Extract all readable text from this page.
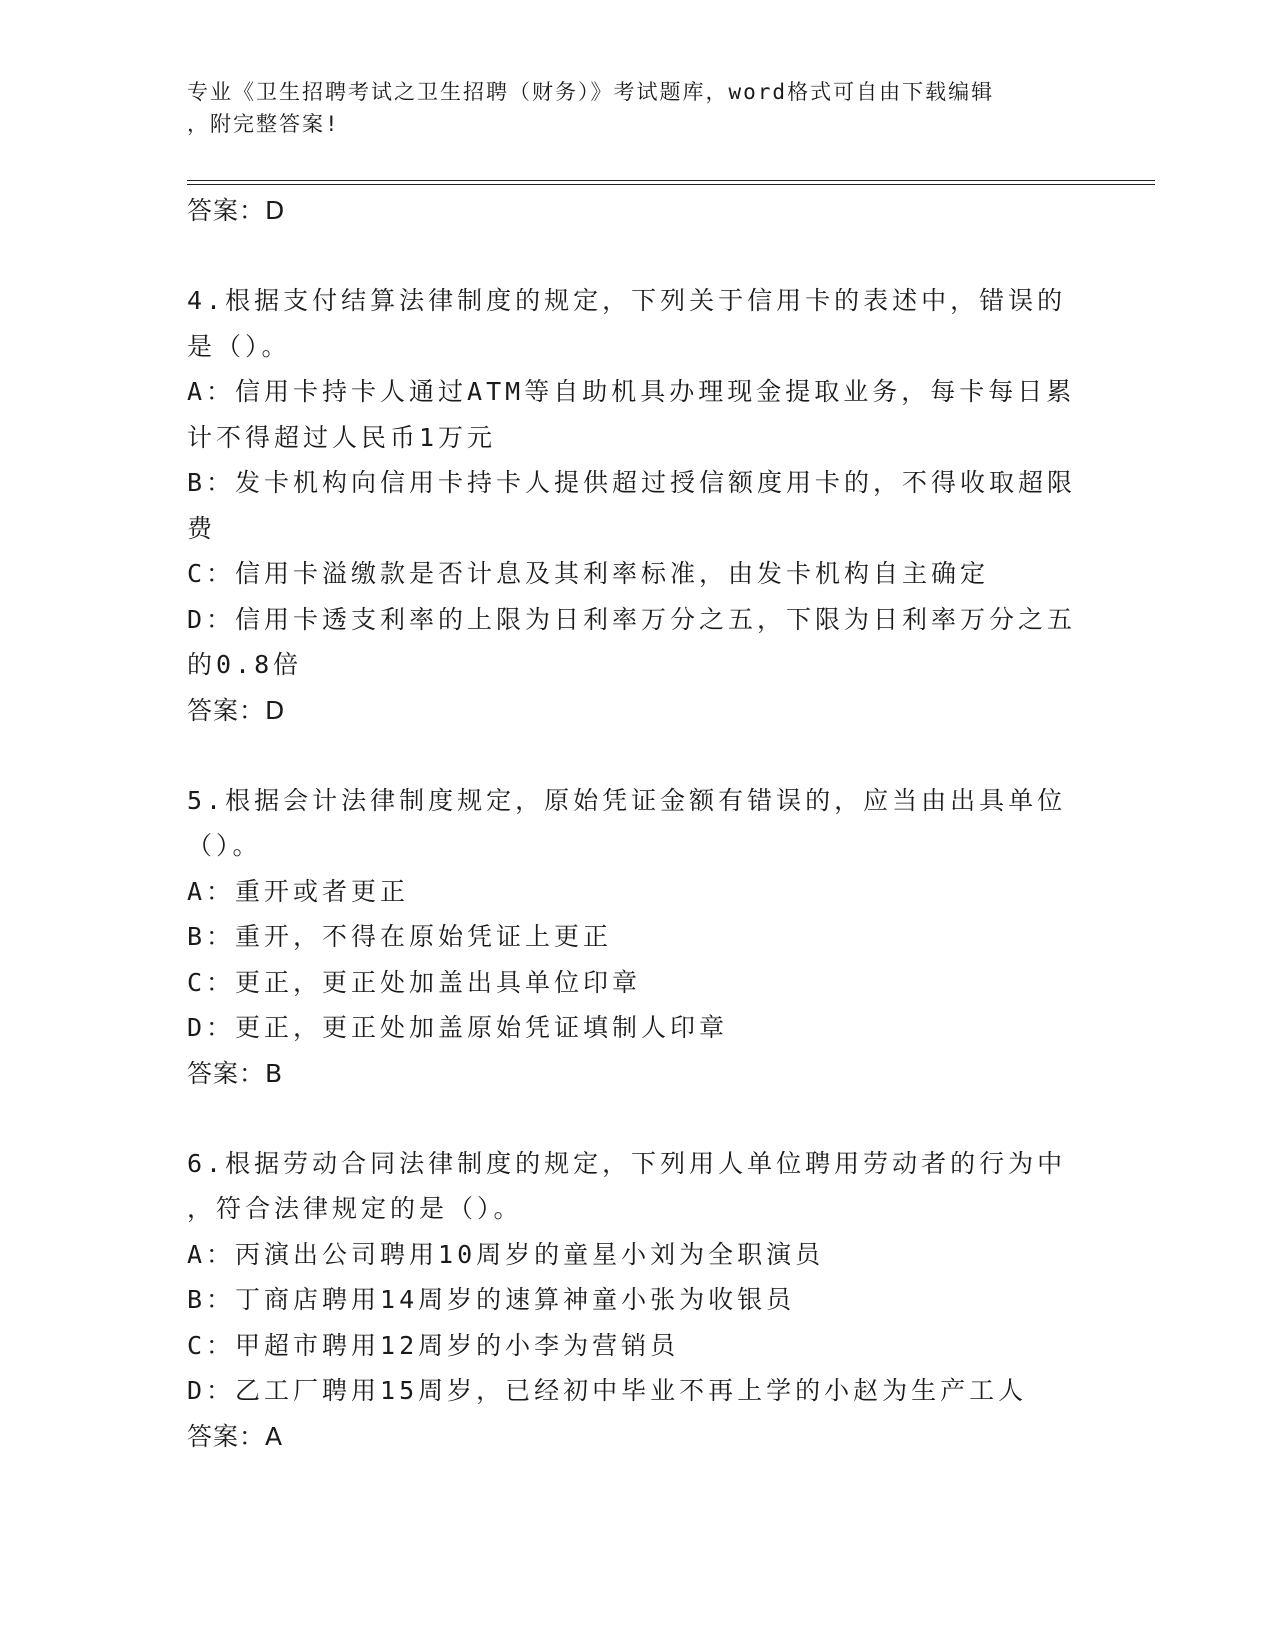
专业《卫生招聘考试之卫生招聘（财务）》考试题库，word格式可自由下载编辑
，附完整答案!

答案：D

4.根据支付结算法律制度的规定，下列关于信用卡的表述中，错误的

是（）。

A：信用卡持卡人通过ATM等自助机具办理现金提取业务，每卡每日累

计不得超过人民币1万元

B：发卡机构向信用卡持卡人提供超过授信额度用卡的，不得收取超限

费

C：信用卡溢缴款是否计息及其利率标准，由发卡机构自主确定

D：信用卡透支利率的上限为日利率万分之五，下限为日利率万分之五

的0.8倍

答案：D

5.根据会计法律制度规定，原始凭证金额有错误的，应当由出具单位

（）。

A：重开或者更正

B：重开，不得在原始凭证上更正

C：更正，更正处加盖出具单位印章

D：更正，更正处加盖原始凭证填制人印章

答案：B

6.根据劳动合同法律制度的规定，下列用人单位聘用劳动者的行为中

，符合法律规定的是（）。

A：丙演出公司聘用10周岁的童星小刘为全职演员

B：丁商店聘用14周岁的速算神童小张为收银员

C：甲超市聘用12周岁的小李为营销员

D：乙工厂聘用15周岁，已经初中毕业不再上学的小赵为生产工人

答案：A
